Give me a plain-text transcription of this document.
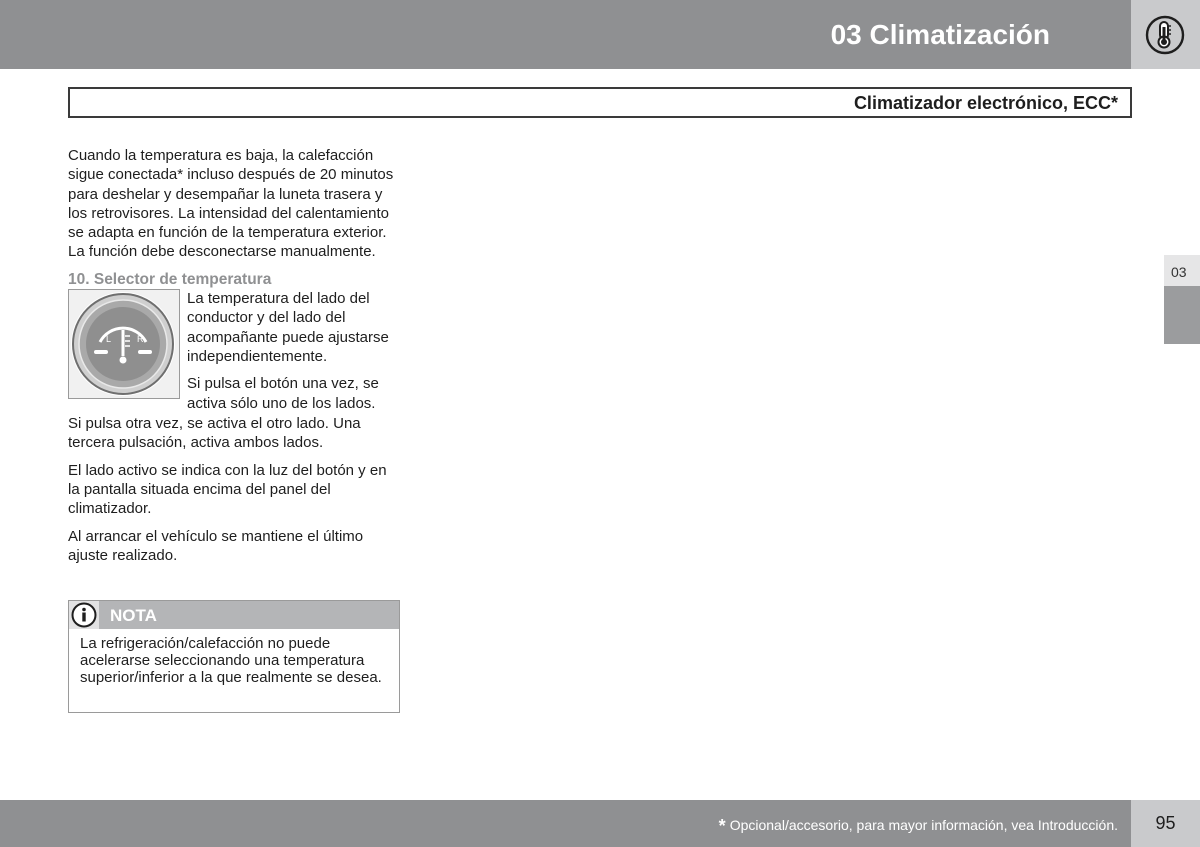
03 Climatización
Climatizador electrónico, ECC*

Cuando la temperatura es baja, la calefacción sigue conectada* incluso después de 20 minutos para deshelar y desempañar la luneta trasera y los retrovisores. La intensidad del calentamiento se adapta en función de la temperatura exterior. La función debe desconectarse manualmente.

10. Selector de temperatura
L	R

La temperatura del lado del conductor y del lado del acompañante puede ajustarse independientemente.

Si pulsa el botón una vez, se activa sólo uno de los lados.

Si pulsa otra vez, se activa el otro lado. Una tercera pulsación, activa ambos lados.

El lado activo se indica con la luz del botón y en la pantalla situada encima del panel del climatizador.

Al arrancar el vehículo se mantiene el último ajuste realizado.

NOTA
La refrigeración/calefacción no puede acelerarse seleccionando una temperatura superior/inferior a la que realmente se desea.
03
* Opcional/accesorio, para mayor información, vea Introducción.	95
